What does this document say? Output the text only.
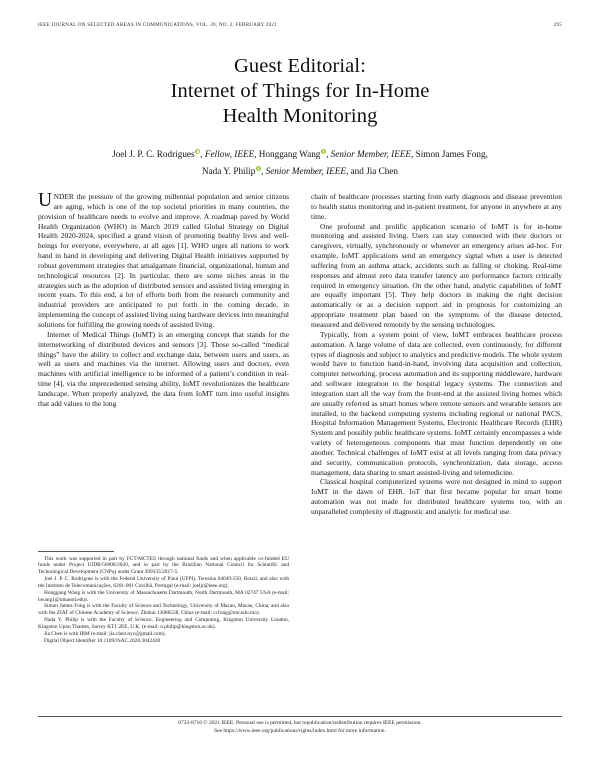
IEEE JOURNAL ON SELECTED AREAS IN COMMUNICATIONS, VOL. 39, NO. 2, FEBRUARY 2021	295
Guest Editorial:
Internet of Things for In-Home
Health Monitoring
Joel J. P. C. Rodrigues , Fellow, IEEE, Honggang Wang , Senior Member, IEEE, Simon James Fong,
Nada Y. Philip , Senior Member, IEEE, and Jia Chen

UNDER the pressure of the growing millennial population and senior citizens are aging, which is one of the top societal priorities in many countries, the provision of healthcare needs to evolve and improve. A roadmap paved by World Health Organization (WHO) in March 2019 called Global Strategy on Digital Health 2020-2024, specified a grand vision of promoting healthy lives and well-beings for everyone, everywhere, at all ages [1]. WHO urges all nations to work hand in hand in developing and delivering Digital Health initiatives supported by robust government strategies that amalgamate financial, organizational, human and technological resources [2]. In particular, there are some niches areas in the strategies such as the adoption of distributed sensors and assisted living emerging in recent years. To this end, a lot of efforts both from the research community and industrial providers are anticipated to put forth in the coming decade, in implementing the concept of assisted living using hardware devices into meaningful solutions for fulfilling the growing needs of assisted living.

Internet of Medical Things (IoMT) is an emerging concept that stands for the internetworking of distributed devices and sensors [3]. Those so-called “medical things” have the ability to collect and exchange data, between users and users, as well as users and machines via the internet. Allowing users and doctors, even machines with artificial intelligence to be informed of a patient’s condition in real-time [4], via the unprecedented sensing ability, IoMT revolutionizes the healthcare landscape. When properly analyzed, the data from IoMT turn into useful insights that add values to the long

chain of healthcare processes starting from early diagnosis and disease prevention to health status monitoring and in-patient treatment, for anyone in anywhere at any time.

One profound and prolific application scenario of IoMT is for in-home monitoring and assisted living. Users can stay connected with their doctors or caregivers, virtually, synchronously or whenever an emergency arises ad-hoc. For example, IoMT applications send an emergency signal when a user is detected suffering from an asthma attack, accidents such as falling or choking. Real-time responses and almost zero data transfer latency are performance factors critically required in emergency situation. On the other hand, analytic capabilities of IoMT are equally important [5]. They help doctors in making the right decision automatically or as a decision support aid in prognosis for customizing an appropriate treatment plan based on the symptoms of the disease detected, measured and delivered remotely by the sensing technologies.

Typically, from a system point of view, IoMT embraces healthcare process automation. A large volume of data are collected, even continuously, for different types of diagnosis and subject to analytics and predictive models. The whole system would have to function hand-in-hand, involving data acquisition and collection, computer networking, process automation and its supporting middleware, hardware and software integration to the hospital legacy systems. The connection and integration start all the way from the front-end at the assisted living homes which are usually referred as smart homes where remote sensors and wearable sensors are installed, to the backend computing systems including regional or national PACS, Hospital Information Management Systems, Electronic Healthcare Records (EHR) System and possibly public healthcare systems. IoMT certainly encompasses a wide variety of heterogeneous components that must function dependently on one another. Technical challenges of IoMT exist at all levels ranging from data privacy and security, communication protocols, synchronization, data storage, access management, data sharing to smart assisted-living and telemedicine.

Classical hospital computerized systems were not designed in mind to support IoMT in the dawn of EHR. IoT that first became popular for smart home automation was not made for distributed healthcare systems too, with an unparalleled complexity of diagnostic and analytic for medical use.

This work was supported in part by FCT/MCTES through national funds and when applicable co-funded EU funds under Project UIDB/50008/2020, and in part by the Brazilian National Council for Scientific and Technological Development (CNPq) under Grant 309335/2017-5.

Joel J. P. C. Rodrigues is with the Federal University of Piauí (UFPI), Teresina 64049-550, Brazil, and also with the Instituto de Telecomunicações, 6201-001 Covilhã, Portugal (e-mail: joeljr@ieee.org).

Honggang Wang is with the University of Massachusetts Dartmouth, North Dartmouth, MA 02747 USA (e-mail: hwang1@umassd.edu).

Simon James Fong is with the Faculty of Science and Technology, University of Macau, Macau, China, and also with the ZIAT of Chinese Academy of Science, Zhuhai 13086558, China (e-mail: ccfong@um.edu.mo).

Nada Y. Philip is with the Faculty of Science, Engineering and Computing, Kingston University London, Kingston Upon Thames, Surrey KT1 2EE, U.K. (e-mail: n.philip@kingston.ac.uk).

Jia Chen is with IBM (e-mail: jia.chen.nyc@gmail.com).

Digital Object Identifier 10.1109/JSAC.2020.3042420

0733-8716 © 2021 IEEE. Personal use is permitted, but republication/redistribution requires IEEE permission.
See https://www.ieee.org/publications/rights/index.html for more information.
